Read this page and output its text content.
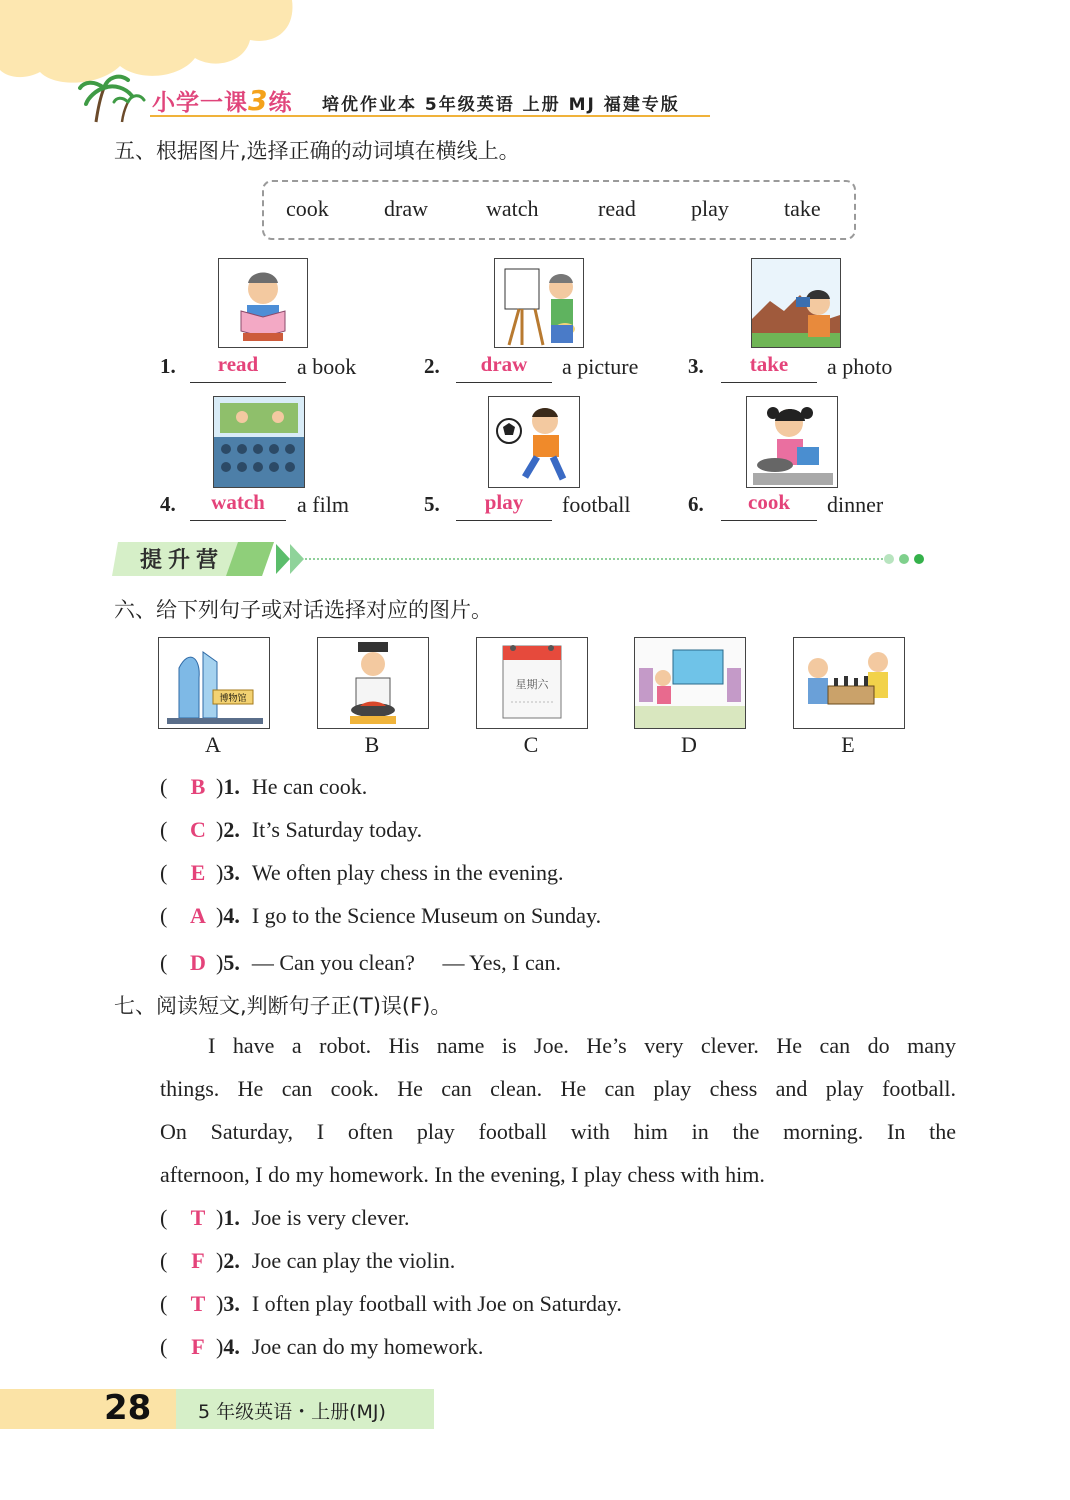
小学一课3练 培优作业本 5年级英语 上册 MJ 福建专版
五、根据图片,选择正确的动词填在横线上。
cook	draw	watch	read	play	take
1.	read	a book	2.	draw	a picture 3.	take	a photo
4.	watch	a film	5.	play	football	6.	cook	dinner
提升营
六、给下列句子或对话选择对应的图片。
博物馆
星期六
A	B	C	D	E
( B )1. He can cook.
( C )2. It’s Saturday today.
( E )3. We often play chess in the evening.
( A )4. I go to the Science Museum on Sunday.
( D )5. — Can you clean?　 — Yes, I can.
七、阅读短文,判断句子正(T)误(F)。
I have a robot. His name is Joe. He’s very clever. He can do many
things. He can cook. He can clean. He can play chess and play football.
On Saturday, I often play football with him in the morning. In the
afternoon, I do my homework. In the evening, I play chess with him.
( T )1. Joe is very clever.
( F )2. Joe can play the violin.
( T )3. I often play football with Joe on Saturday.
( F )4. Joe can do my homework.
28 5 年级英语・上册(MJ)
